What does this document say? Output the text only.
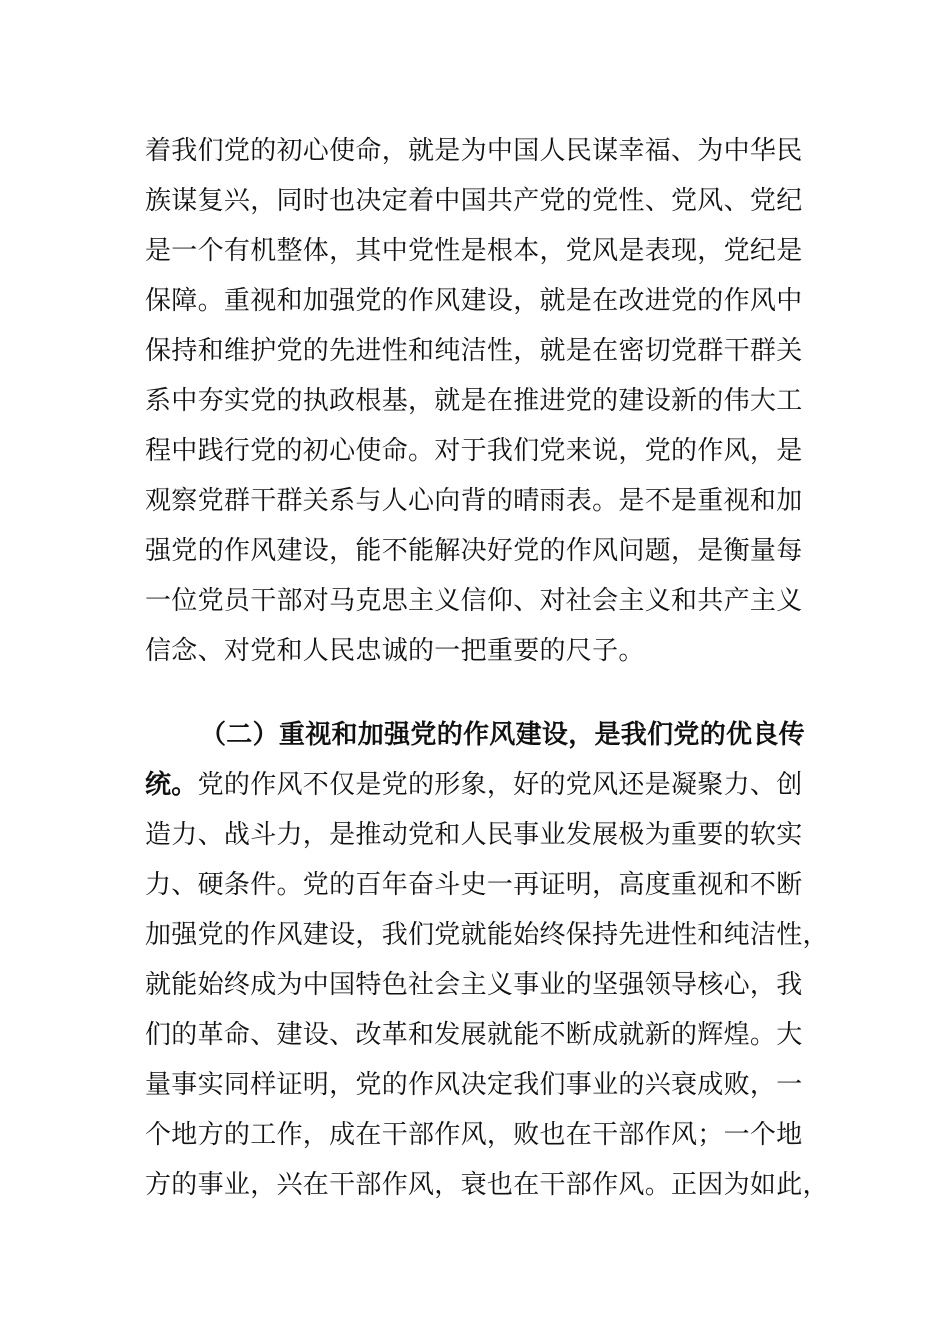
着我们党的初心使命，就是为中国人民谋幸福、为中华民
族谋复兴，同时也决定着中国共产党的党性、党风、党纪
是一个有机整体，其中党性是根本，党风是表现，党纪是
保障。重视和加强党的作风建设，就是在改进党的作风中
保持和维护党的先进性和纯洁性，就是在密切党群干群关
系中夯实党的执政根基，就是在推进党的建设新的伟大工
程中践行党的初心使命。对于我们党来说，党的作风，是
观察党群干群关系与人心向背的晴雨表。是不是重视和加
强党的作风建设，能不能解决好党的作风问题，是衡量每
一位党员干部对马克思主义信仰、对社会主义和共产主义
信念、对党和人民忠诚的一把重要的尺子。
（二）重视和加强党的作风建设，是我们党的优良传
统。党的作风不仅是党的形象，好的党风还是凝聚力、创
造力、战斗力，是推动党和人民事业发展极为重要的软实
力、硬条件。党的百年奋斗史一再证明，高度重视和不断
加强党的作风建设，我们党就能始终保持先进性和纯洁性，
就能始终成为中国特色社会主义事业的坚强领导核心，我
们的革命、建设、改革和发展就能不断成就新的辉煌。大
量事实同样证明，党的作风决定我们事业的兴衰成败，一
个地方的工作，成在干部作风，败也在干部作风；一个地
方的事业，兴在干部作风，衰也在干部作风。正因为如此，
